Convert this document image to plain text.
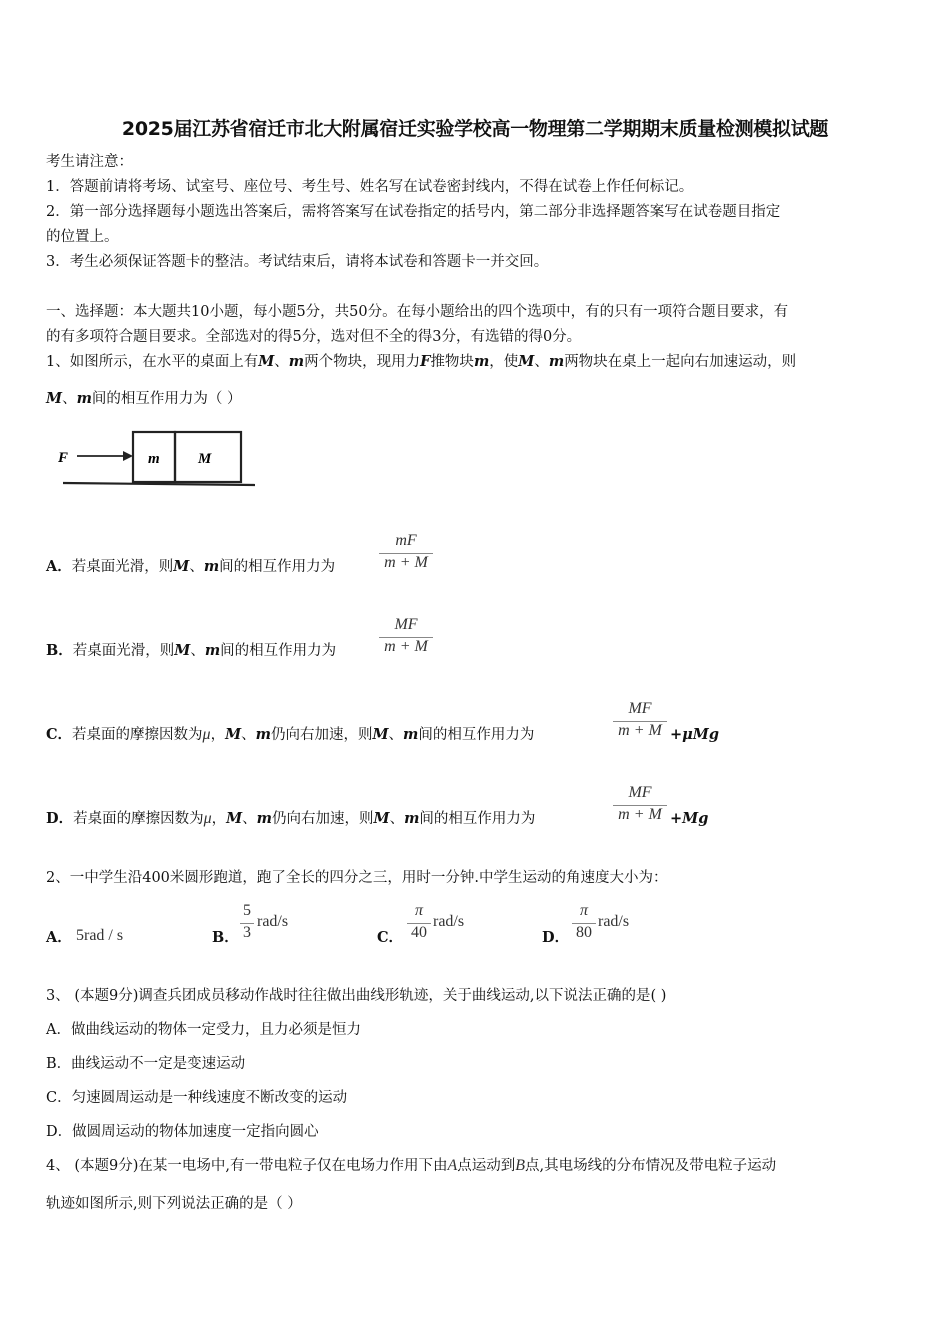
2025届江苏省宿迁市北大附属宿迁实验学校高一物理第二学期期末质量检测模拟试题
考生请注意：
1．答题前请将考场、试室号、座位号、考生号、姓名写在试卷密封线内，不得在试卷上作任何标记。
2．第一部分选择题每小题选出答案后，需将答案写在试卷指定的括号内，第二部分非选择题答案写在试卷题目指定
的位置上。
3．考生必须保证答题卡的整洁。考试结束后，请将本试卷和答题卡一并交回。
一、选择题：本大题共10小题，每小题5分，共50分。在每小题给出的四个选项中，有的只有一项符合题目要求，有
的有多项符合题目要求。全部选对的得5分，选对但不全的得3分，有选错的得0分。
1、如图所示，在水平的桌面上有M、m两个物块，现用力F推物块m，使M、m两物块在桌上一起向右加速运动，则
M、m间的相互作用力为（ ）
F	m	M
A．若桌面光滑，则M、m间的相互作用力为
mF
m + M
B．若桌面光滑，则M、m间的相互作用力为
MF
m + M
C．若桌面的摩擦因数为μ，M、m仍向右加速，则M、m间的相互作用力为
MF
m + M +μMg
D．若桌面的摩擦因数为μ，M、m仍向右加速，则M、m间的相互作用力为
MF
m + M +Mg
2、一中学生沿400米圆形跑道，跑了全长的四分之三，用时一分钟.中学生运动的角速度大小为：
A． 5rad / s	B．
5
3
rad/s
C．
π
40
rad/s
D．
π
80
rad/s
3、 (本题9分)调查兵团成员移动作战时往往做出曲线形轨迹，关于曲线运动,以下说法正确的是( )
A．做曲线运动的物体一定受力，且力必须是恒力
B．曲线运动不一定是变速运动
C．匀速圆周运动是一种线速度不断改变的运动
D．做圆周运动的物体加速度一定指向圆心
4、 (本题9分)在某一电场中,有一带电粒子仅在电场力作用下由A点运动到B点,其电场线的分布情况及带电粒子运动
轨迹如图所示,则下列说法正确的是（ ）
